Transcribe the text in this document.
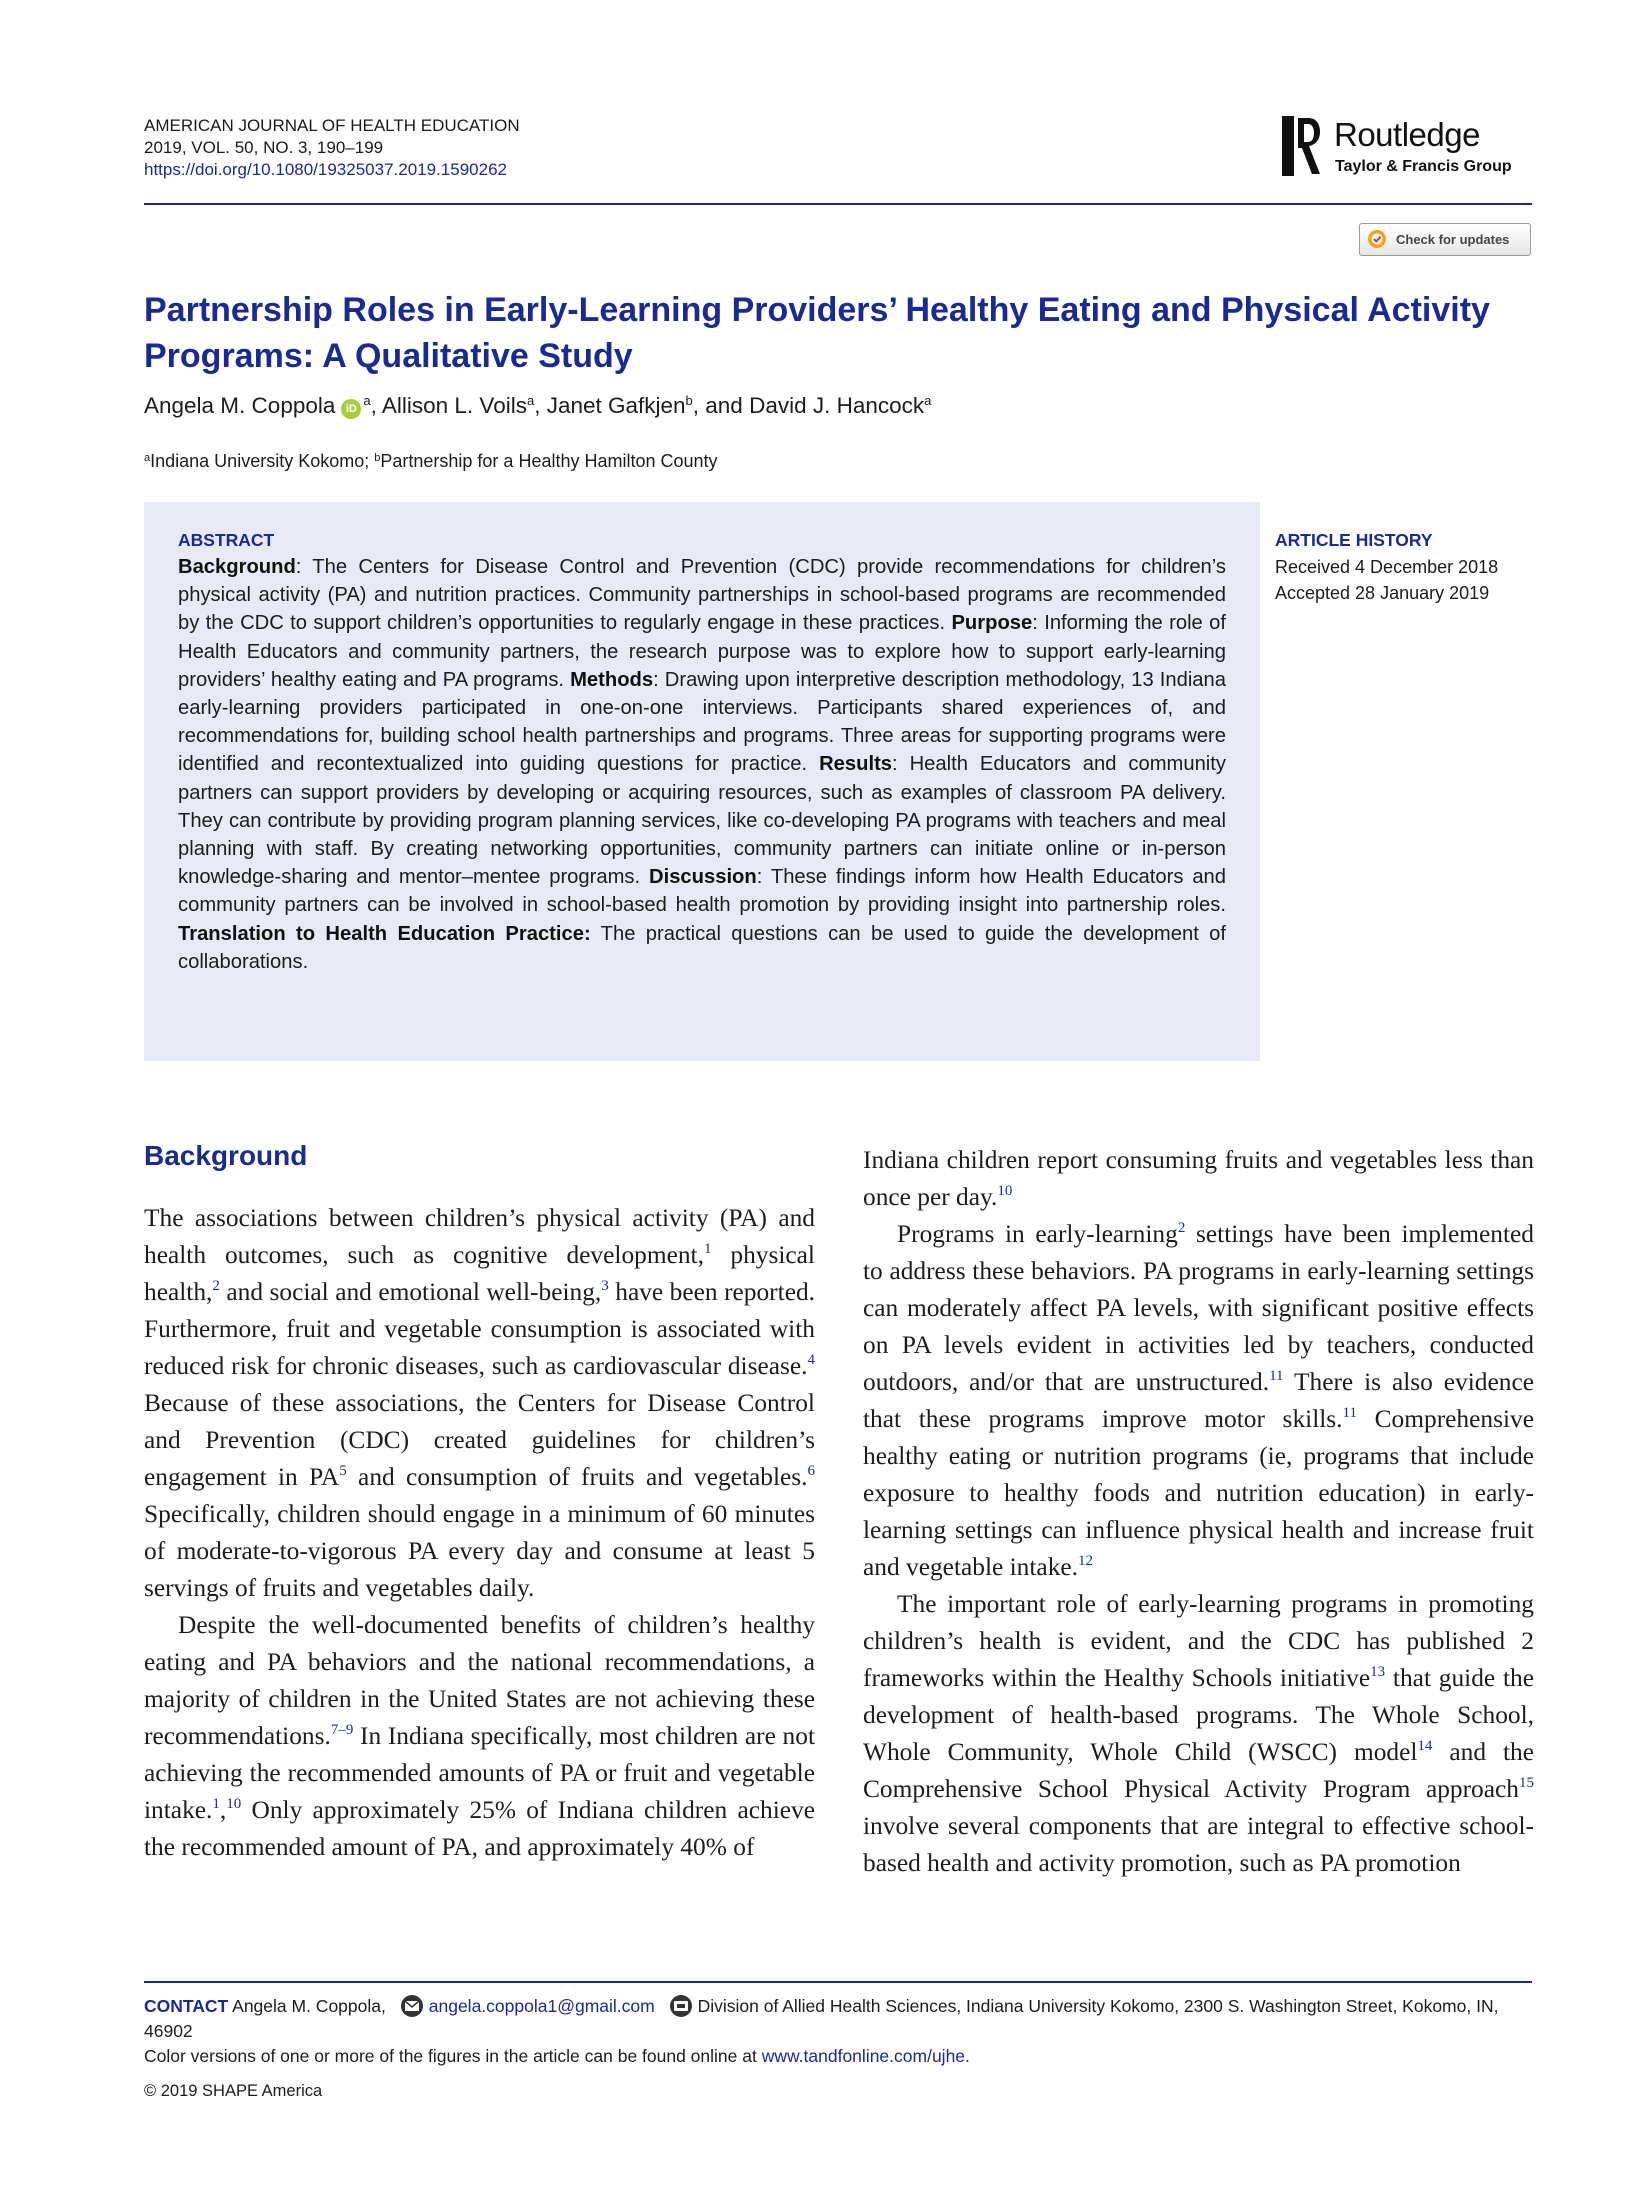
AMERICAN JOURNAL OF HEALTH EDUCATION
2019, VOL. 50, NO. 3, 190–199
https://doi.org/10.1080/19325037.2019.1590262
Routledge
Taylor & Francis Group
Check for updates
Partnership Roles in Early-Learning Providers’ Healthy Eating and Physical Activity Programs: A Qualitative Study
Angela M. Coppola $iD^a$, Allison L. Voils$^a$, Janet Gafkjen$^b$, and David J. Hancock$^a$
$^a$Indiana University Kokomo; $^b$Partnership for a Healthy Hamilton County
ABSTRACT
Background: The Centers for Disease Control and Prevention (CDC) provide recommendations for children’s physical activity (PA) and nutrition practices. Community partnerships in school-based programs are recommended by the CDC to support children’s opportunities to regularly engage in these practices. Purpose: Informing the role of Health Educators and community partners, the research purpose was to explore how to support early-learning providers’ healthy eating and PA programs. Methods: Drawing upon interpretive description methodology, 13 Indiana early-learning providers participated in one-on-one interviews. Participants shared experiences of, and recommendations for, building school health partnerships and programs. Three areas for supporting programs were identified and recontextualized into guiding questions for practice. Results: Health Educators and community partners can support providers by developing or acquiring resources, such as examples of classroom PA delivery. They can contribute by providing program planning services, like co-developing PA programs with teachers and meal planning with staff. By creating networking opportunities, community partners can initiate online or in-person knowledge-sharing and mentor–mentee programs. Discussion: These findings inform how Health Educators and community partners can be involved in school-based health promotion by providing insight into partnership roles. Translation to Health Education Practice: The practical questions can be used to guide the development of collaborations.
ARTICLE HISTORY
Received 4 December 2018
Accepted 28 January 2019
Background

The associations between children’s physical activity (PA) and health outcomes, such as cognitive development,$^1$ physical health,$^2$ and social and emotional well-being,$^3$ have been reported. Furthermore, fruit and vegetable consumption is associated with reduced risk for chronic diseases, such as cardiovascular disease.$^4$ Because of these associations, the Centers for Disease Control and Prevention (CDC) created guidelines for children’s engagement in $PA^5$ and consumption of fruits and vegetables.$^6$ Specifically, children should engage in a minimum of 60 minutes of moderate-to-vigorous PA every day and consume at least 5 servings of fruits and vegetables daily.

Despite the well-documented benefits of children’s healthy eating and PA behaviors and the national recommendations, a majority of children in the United States are not achieving these recommendations.$^{7-9}$ In Indiana specifically, most children are not achieving the recommended amounts of PA or fruit and vegetable intake.$^1$,$^{10}$ Only approximately 25% of Indiana children achieve the recommended amount of PA, and approximately 40% of

Indiana children report consuming fruits and vegetables less than once per day.$^{10}$

Programs in early-learning$^2$ settings have been implemented to address these behaviors. PA programs in early-learning settings can moderately affect PA levels, with significant positive effects on PA levels evident in activities led by teachers, conducted outdoors, and/or that are unstructured.$^{11}$ There is also evidence that these programs improve motor skills.$^{11}$ Comprehensive healthy eating or nutrition programs (ie, programs that include exposure to healthy foods and nutrition education) in early-learning settings can influence physical health and increase fruit and vegetable intake.$^{12}$

The important role of early-learning programs in promoting children’s health is evident, and the CDC has published 2 frameworks within the Healthy Schools initiative$^{13}$ that guide the development of health-based programs. The Whole School, Whole Community, Whole Child (WSCC) model$^{14}$ and the Comprehensive School Physical Activity Program approach$^{15}$ involve several components that are integral to effective school-based health and activity promotion, such as PA promotion

CONTACT Angela M. Coppola, angela.coppola1@gmail.com Division of Allied Health Sciences, Indiana University Kokomo, 2300 S. Washington Street, Kokomo, IN, 46902
Color versions of one or more of the figures in the article can be found online at www.tandfonline.com/ujhe.
© 2019 SHAPE America
